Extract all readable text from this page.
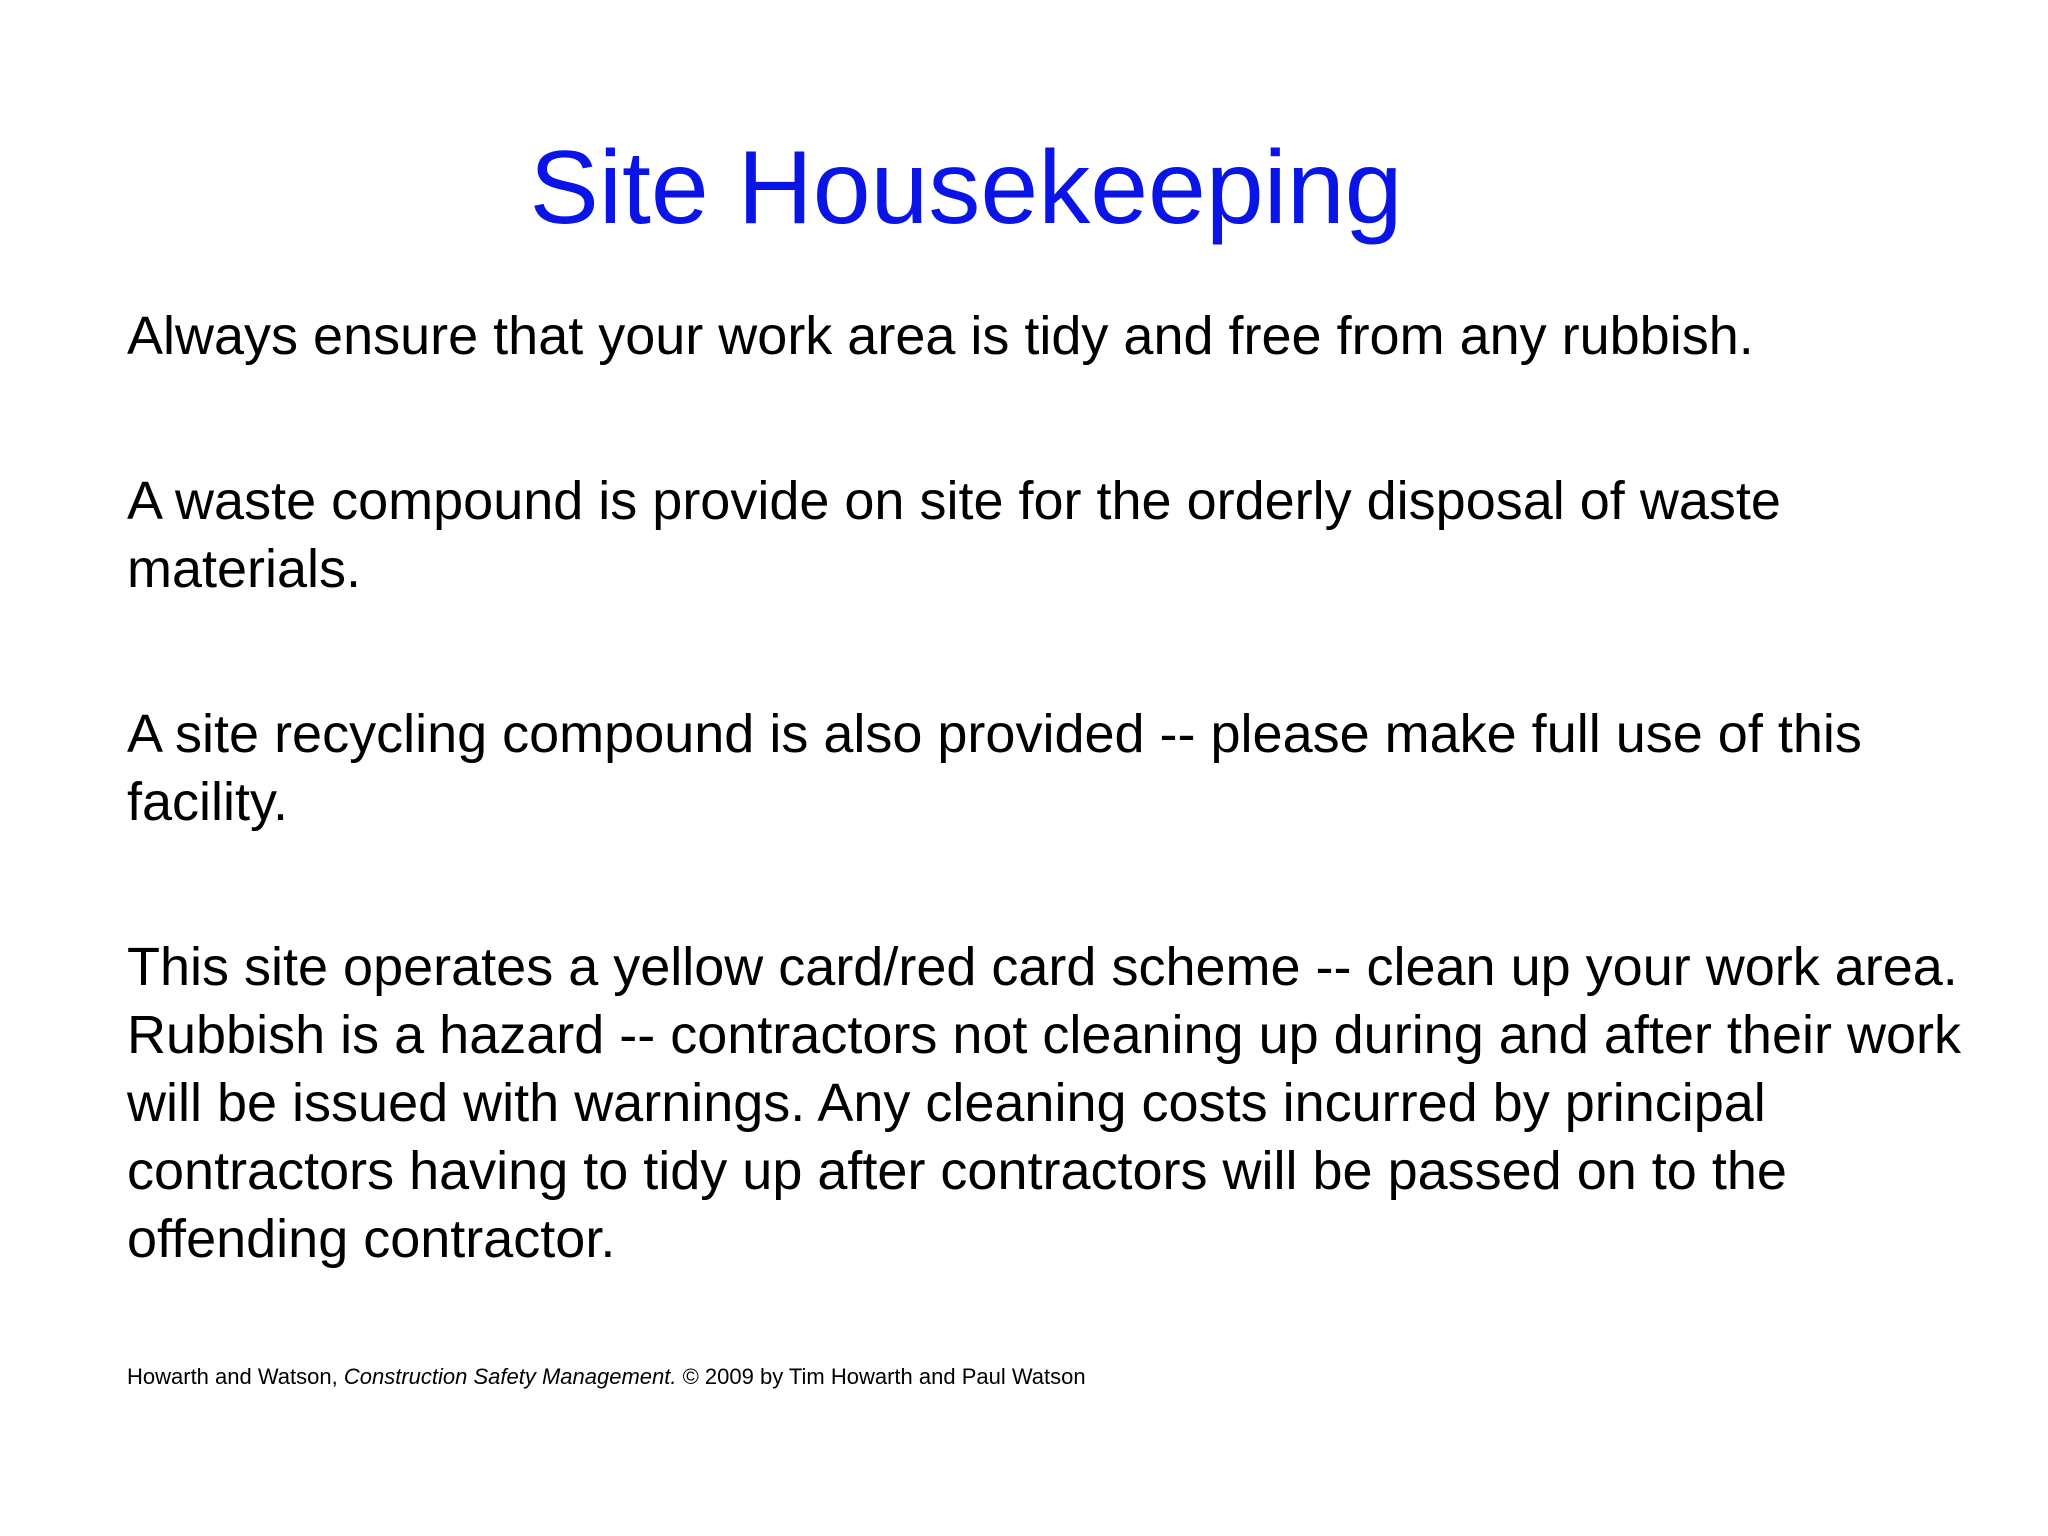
Site Housekeeping
Always ensure that your work area is tidy and free from any rubbish.
A waste compound is provide on site for the orderly disposal of waste materials.
A site recycling compound is also provided -- please make full use of this facility.
This site operates a yellow card/red card scheme -- clean up your work area. Rubbish is a hazard -- contractors not cleaning up during and after their work will be issued with warnings. Any cleaning costs incurred by principal contractors having to tidy up after contractors will be passed on to the offending contractor.
Howarth and Watson, Construction Safety Management. © 2009 by Tim Howarth and Paul Watson
